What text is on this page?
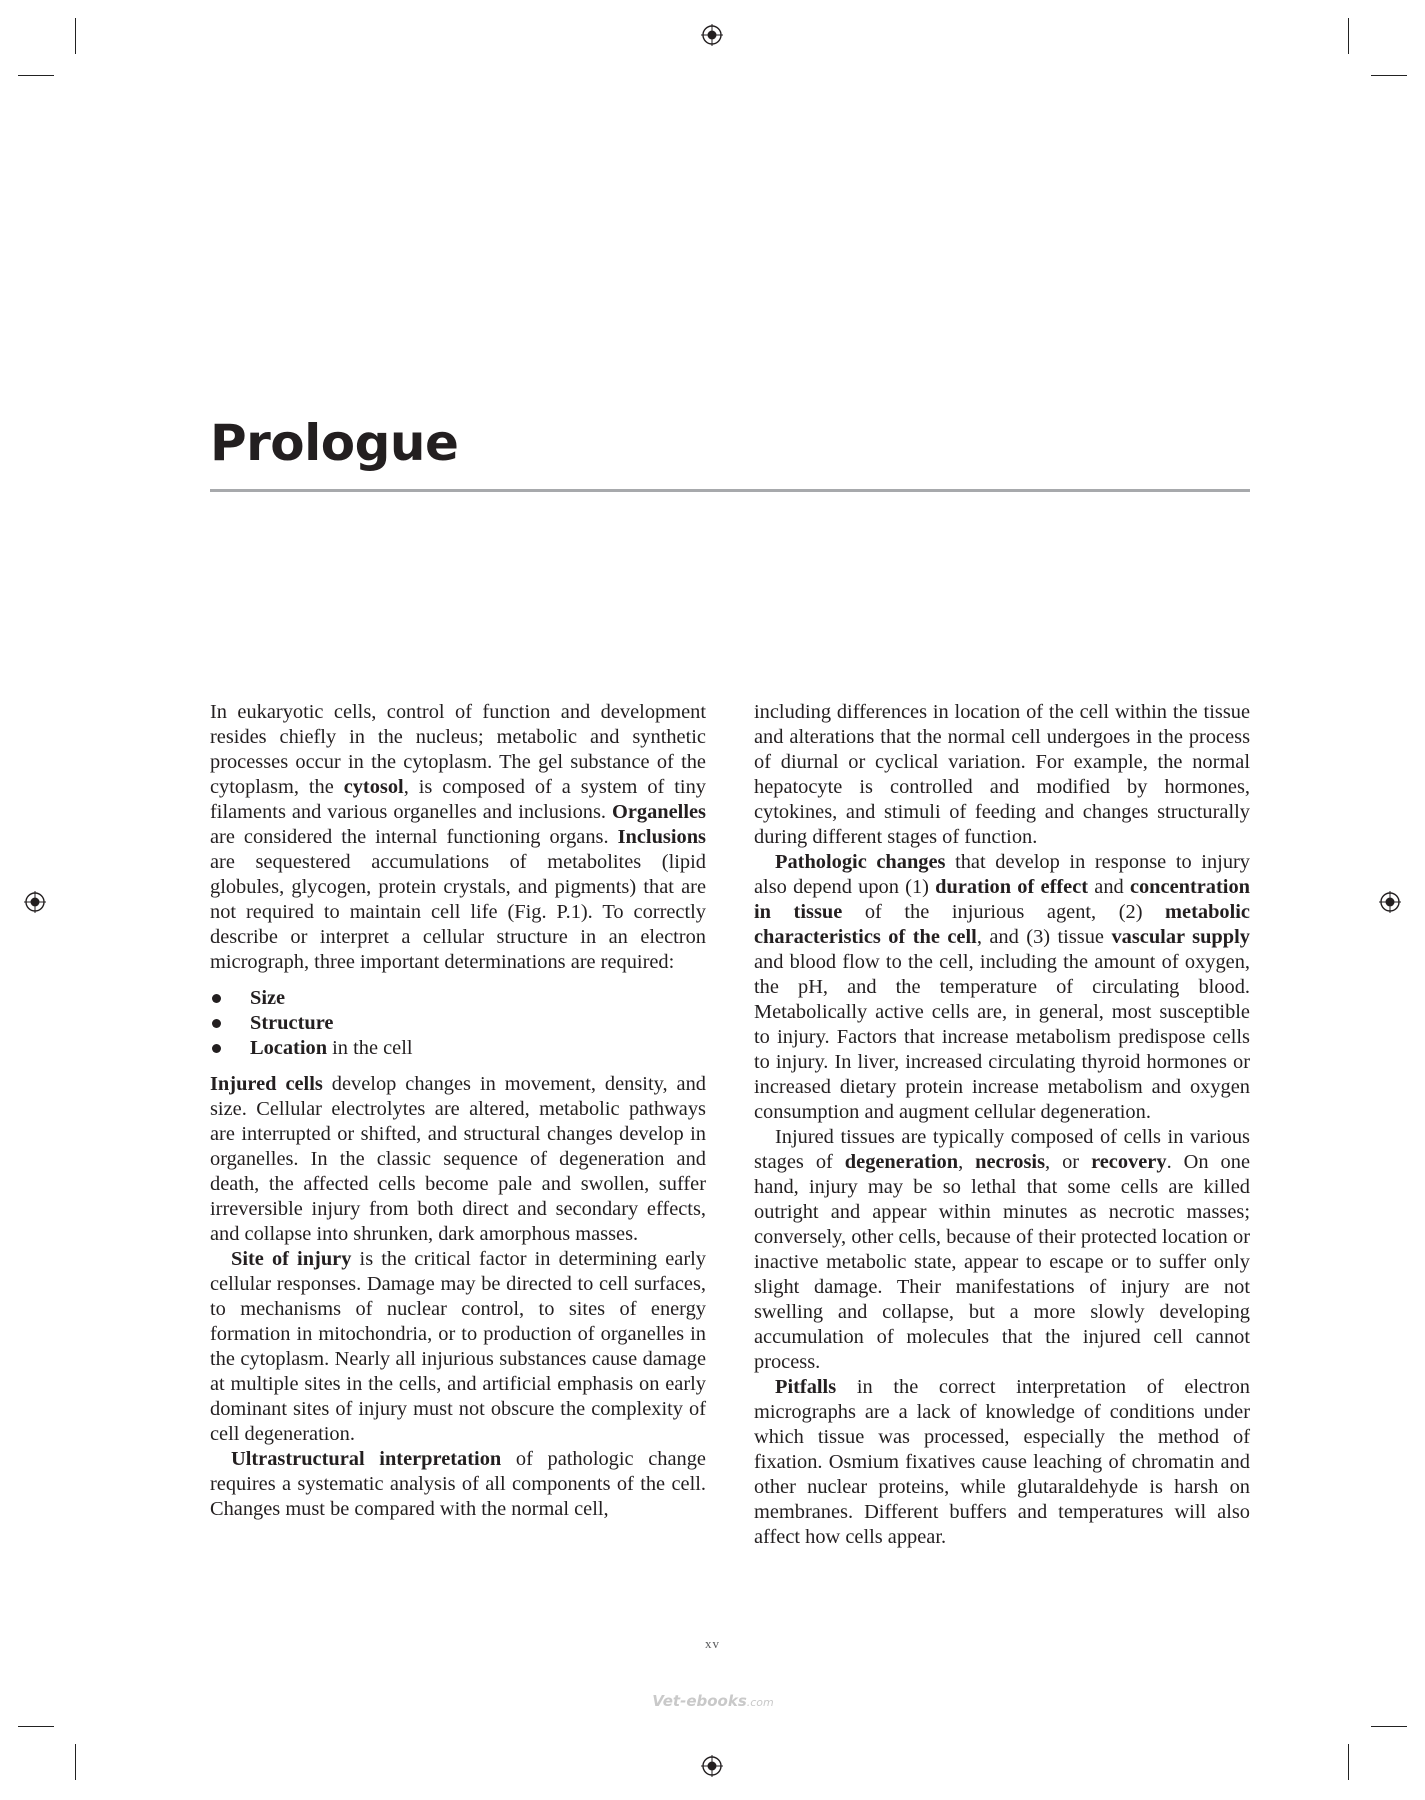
Prologue

In eukaryotic cells, control of function and development resides chiefly in the nucleus; metabolic and synthetic processes occur in the cytoplasm. The gel substance of the cytoplasm, the cytosol, is composed of a system of tiny filaments and various organelles and inclusions. Organelles are considered the internal functioning organs. Inclusions are sequestered accumulations of metabolites (lipid globules, glycogen, protein crystals, and pigments) that are not required to maintain cell life (Fig. P.1). To correctly describe or interpret a cellular structure in an electron micrograph, three important determinations are required:

Size
Structure
Location in the cell

Injured cells develop changes in movement, density, and size. Cellular electrolytes are altered, metabolic pathways are interrupted or shifted, and structural changes develop in organelles. In the classic sequence of degeneration and death, the affected cells become pale and swollen, suffer irreversible injury from both direct and secondary effects, and collapse into shrunken, dark amorphous masses.

Site of injury is the critical factor in determining early cellular responses. Damage may be directed to cell surfaces, to mechanisms of nuclear control, to sites of energy formation in mitochondria, or to production of organelles in the cytoplasm. Nearly all injurious substances cause damage at multiple sites in the cells, and artificial emphasis on early dominant sites of injury must not obscure the complexity of cell degeneration.

Ultrastructural interpretation of pathologic change requires a systematic analysis of all components of the cell. Changes must be compared with the normal cell,

including differences in location of the cell within the tissue and alterations that the normal cell undergoes in the process of diurnal or cyclical variation. For example, the normal hepatocyte is controlled and modified by hormones, cytokines, and stimuli of feeding and changes structurally during different stages of function.

Pathologic changes that develop in response to injury also depend upon (1) duration of effect and concentration in tissue of the injurious agent, (2) metabolic characteristics of the cell, and (3) tissue vascular supply and blood flow to the cell, including the amount of oxygen, the pH, and the temperature of circulating blood. Metabolically active cells are, in general, most susceptible to injury. Factors that increase metabolism predispose cells to injury. In liver, increased circulating thyroid hormones or increased dietary protein increase metabolism and oxygen consumption and augment cellular degeneration.

Injured tissues are typically composed of cells in various stages of degeneration, necrosis, or recovery. On one hand, injury may be so lethal that some cells are killed outright and appear within minutes as necrotic masses; conversely, other cells, because of their protected location or inactive metabolic state, appear to escape or to suffer only slight damage. Their manifestations of injury are not swelling and collapse, but a more slowly developing accumulation of molecules that the injured cell cannot process.

Pitfalls in the correct interpretation of electron micrographs are a lack of knowledge of conditions under which tissue was processed, especially the method of fixation. Osmium fixatives cause leaching of chromatin and other nuclear proteins, while glutaraldehyde is harsh on membranes. Different buffers and temperatures will also affect how cells appear.

xv
Vet-ebooks.com
